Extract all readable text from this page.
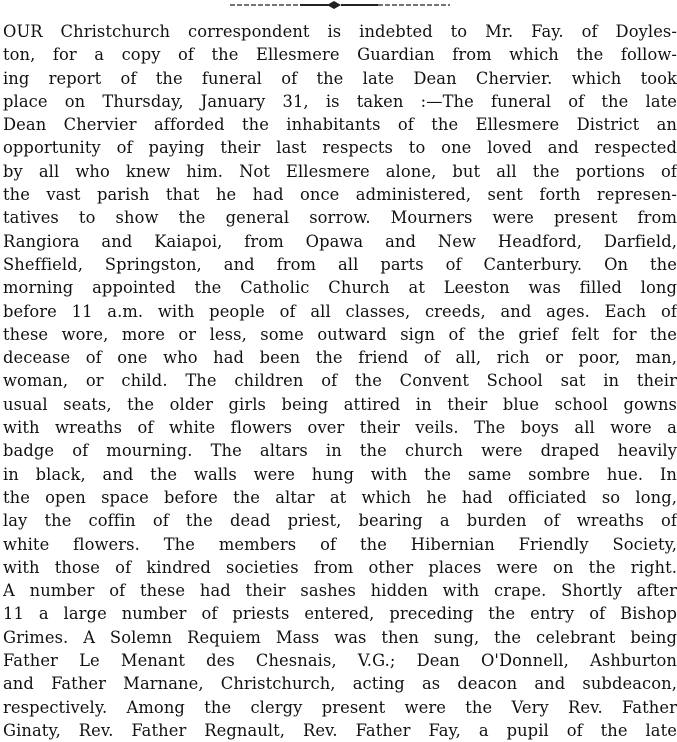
OUR Christchurch correspondent is indebted to Mr. Fay. of Doyles-
ton, for a copy of the Ellesmere Guardian from which the follow-
ing report of the funeral of the late Dean Chervier. which took
place on Thursday, January 31, is taken :—The funeral of the late
Dean Chervier afforded the inhabitants of the Ellesmere District an
opportunity of paying their last respects to one loved and respected
by all who knew him. Not Ellesmere alone, but all the portions of
the vast parish that he had once administered, sent forth represen-
tatives to show the general sorrow. Mourners were present from
Rangiora and Kaiapoi, from Opawa and New Headford, Darfield,
Sheffield, Springston, and from all parts of Canterbury. On the
morning appointed the Catholic Church at Leeston was filled long
before 11 a.m. with people of all classes, creeds, and ages. Each of
these wore, more or less, some outward sign of the grief felt for the
decease of one who had been the friend of all, rich or poor, man,
woman, or child. The children of the Convent School sat in their
usual seats, the older girls being attired in their blue school gowns
with wreaths of white flowers over their veils. The boys all wore a
badge of mourning. The altars in the church were draped heavily
in black, and the walls were hung with the same sombre hue. In
the open space before the altar at which he had officiated so long,
lay the coffin of the dead priest, bearing a burden of wreaths of
white flowers. The members of the Hibernian Friendly Society,
with those of kindred societies from other places were on the right.
A number of these had their sashes hidden with crape. Shortly after
11 a large number of priests entered, preceding the entry of Bishop
Grimes. A Solemn Requiem Mass was then sung, the celebrant being
Father Le Menant des Chesnais, V.G.; Dean O'Donnell, Ashburton
and Father Marnane, Christchurch, acting as deacon and subdeacon,
respectively. Among the clergy present were the Very Rev. Father
Ginaty, Rev. Father Regnault, Rev. Father Fay, a pupil of the late
